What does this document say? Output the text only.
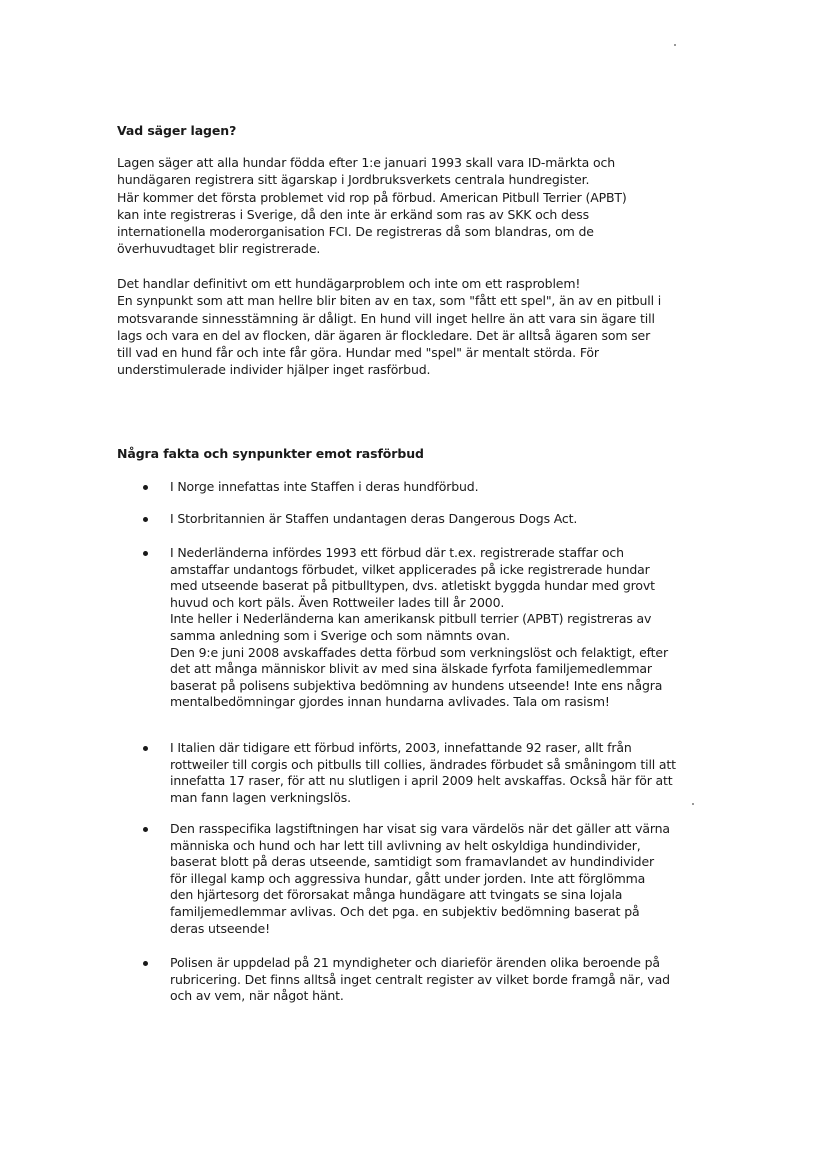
Vad säger lagen?

Lagen säger att alla hundar födda efter 1:e januari 1993 skall vara ID-märkta och
hundägaren registrera sitt ägarskap i Jordbruksverkets centrala hundregister.
Här kommer det första problemet vid rop på förbud. American Pitbull Terrier (APBT)
kan inte registreras i Sverige, då den inte är erkänd som ras av SKK och dess
internationella moderorganisation FCI. De registreras då som blandras, om de
överhuvudtaget blir registrerade.

Det handlar definitivt om ett hundägarproblem och inte om ett rasproblem!
En synpunkt som att man hellre blir biten av en tax, som "fått ett spel", än av en pitbull i
motsvarande sinnesstämning är dåligt. En hund vill inget hellre än att vara sin ägare till
lags och vara en del av flocken, där ägaren är flockledare. Det är alltså ägaren som ser
till vad en hund får och inte får göra. Hundar med "spel" är mentalt störda. För
understimulerade individer hjälper inget rasförbud.

Några fakta och synpunkter emot rasförbud
I Norge innefattas inte Staffen i deras hundförbud.
I Storbritannien är Staffen undantagen deras Dangerous Dogs Act.
I Nederländerna infördes 1993 ett förbud där t.ex. registrerade staffar och
amstaffar undantogs förbudet, vilket applicerades på icke registrerade hundar
med utseende baserat på pitbulltypen, dvs. atletiskt byggda hundar med grovt
huvud och kort päls. Även Rottweiler lades till år 2000.
Inte heller i Nederländerna kan amerikansk pitbull terrier (APBT) registreras av
samma anledning som i Sverige och som nämnts ovan.
Den 9:e juni 2008 avskaffades detta förbud som verkningslöst och felaktigt, efter
det att många människor blivit av med sina älskade fyrfota familjemedlemmar
baserat på polisens subjektiva bedömning av hundens utseende! Inte ens några
mentalbedömningar gjordes innan hundarna avlivades. Tala om rasism!
I Italien där tidigare ett förbud införts, 2003, innefattande 92 raser, allt från
rottweiler till corgis och pitbulls till collies, ändrades förbudet så småningom till att
innefatta 17 raser, för att nu slutligen i april 2009 helt avskaffas. Också här för att
man fann lagen verkningslös.
Den rasspecifika lagstiftningen har visat sig vara värdelös när det gäller att värna
människa och hund och har lett till avlivning av helt oskyldiga hundindivider,
baserat blott på deras utseende, samtidigt som framavlandet av hundindivider
för illegal kamp och aggressiva hundar, gått under jorden. Inte att förglömma
den hjärtesorg det förorsakat många hundägare att tvingats se sina lojala
familjemedlemmar avlivas. Och det pga. en subjektiv bedömning baserat på
deras utseende!
Polisen är uppdelad på 21 myndigheter och diarieför ärenden olika beroende på
rubricering. Det finns alltså inget centralt register av vilket borde framgå när, vad
och av vem, när något hänt.
